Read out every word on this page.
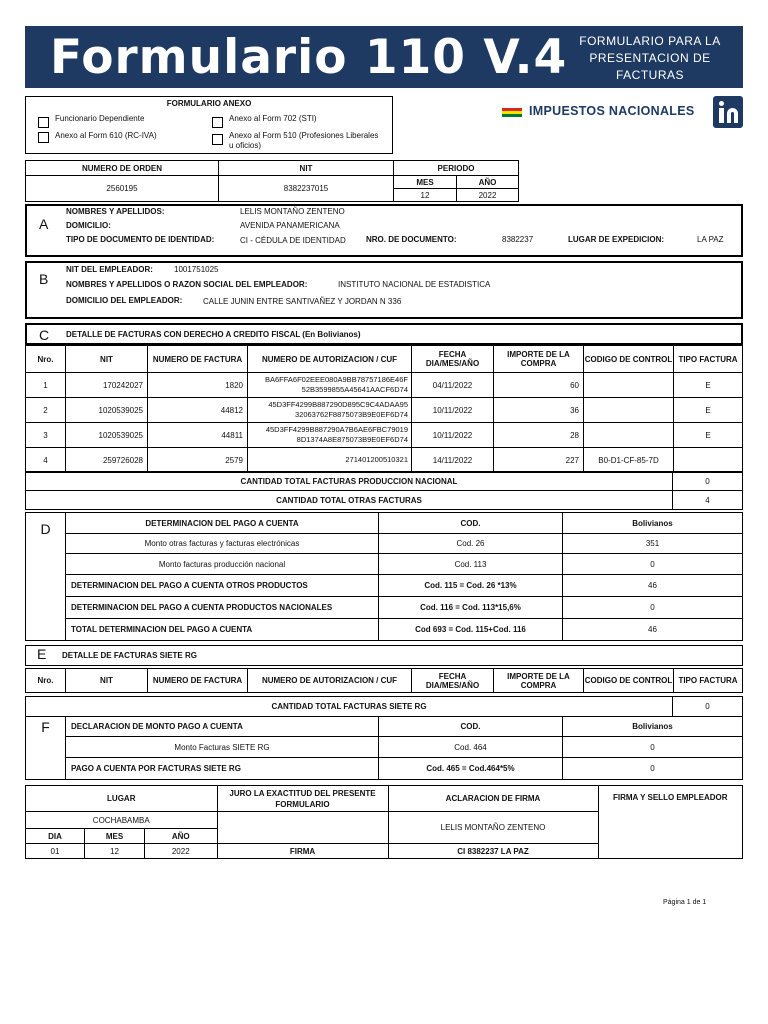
Formulario 110 V.4	FORMULARIO PARA LA
PRESENTACION DE
FACTURAS
FORMULARIO ANEXO
Funcionario Dependiente	Anexo al Form 702 (STI)
Anexo al Form 610 (RC-IVA)	Anexo al Form 510 (Profesiones Liberales u oficios)
IMPUESTOS NACIONALES
NUMERO DE ORDEN	NIT	PERIODO	
2560195	8382237015	MES	AÑO
		12	2022
A
NOMBRES Y APELLIDOS:	LELIS MONTAÑO ZENTENO
DOMICILIO:	AVENIDA PANAMERICANA
TIPO DE DOCUMENTO DE IDENTIDAD:	CI - CÉDULA DE IDENTIDAD	NRO. DE DOCUMENTO:	8382237	LUGAR DE EXPEDICION:	LA PAZ
B
NIT DEL EMPLEADOR:	1001751025
NOMBRES Y APELLIDOS O RAZON SOCIAL DEL EMPLEADOR:	INSTITUTO NACIONAL DE ESTADISTICA
DOMICILIO DEL EMPLEADOR:	CALLE JUNIN ENTRE SANTIVAÑEZ Y JORDAN N 336
C DETALLE DE FACTURAS CON DERECHO A CREDITO FISCAL (En Bolivianos)
Nro.	NIT	NUMERO DE FACTURA	NUMERO DE AUTORIZACION / CUF	FECHA DIA/MES/AÑO	IMPORTE DE LA COMPRA	CODIGO DE CONTROL	TIPO FACTURA
1	170242027	1820	BA6FFA6F02EEE080A9BB78757186E46F
52B3599855A45641AACF6D74	04/11/2022	60		E
2	1020539025	44812	45D3FF4299B887290D895C9C4ADAA95
32063762F8875073B9E0EF6D74	10/11/2022	36		E
3	1020539025	44811	45D3FF4299B887290A7B6AE6FBC79019
8D1374A8E875073B9E0EF6D74	10/11/2022	28		E
4	259726028	2579	271401200510321	14/11/2022	227	B0-D1-CF-85-7D	
CANTIDAD TOTAL FACTURAS PRODUCCION NACIONAL	0
CANTIDAD TOTAL OTRAS FACTURAS	4
D	DETERMINACION DEL PAGO A CUENTA	COD.	Bolivianos
	Monto otras facturas y facturas electrónicas	Cod. 26	351
	Monto facturas producción nacional	Cod. 113	0
	DETERMINACION DEL PAGO A CUENTA OTROS PRODUCTOS	Cod. 115 = Cod. 26 *13%	46
	DETERMINACION DEL PAGO A CUENTA PRODUCTOS NACIONALES	Cod. 116 = Cod. 113*15,6%	0
	TOTAL DETERMINACION DEL PAGO A CUENTA	Cod 693 = Cod. 115+Cod. 116	46
E DETALLE DE FACTURAS SIETE RG
Nro.	NIT	NUMERO DE FACTURA	NUMERO DE AUTORIZACION / CUF	FECHA DIA/MES/AÑO	IMPORTE DE LA COMPRA	CODIGO DE CONTROL	TIPO FACTURA
CANTIDAD TOTAL FACTURAS SIETE RG	0
F	DECLARACION DE MONTO PAGO A CUENTA	COD.	Bolivianos
	Monto Facturas SIETE RG	Cod. 464	0
	PAGO A CUENTA POR FACTURAS SIETE RG	Cod. 465 = Cod.464*5%	0
LUGAR			JURO LA EXACTITUD DEL PRESENTE FORMULARIO	ACLARACION DE FIRMA	FIRMA Y SELLO EMPLEADOR
COCHABAMBA				LELIS MONTAÑO ZENTENO	
DIA	MES	AÑO			
01	12	2022	FIRMA	CI 8382237 LA PAZ	
Página 1 de 1
